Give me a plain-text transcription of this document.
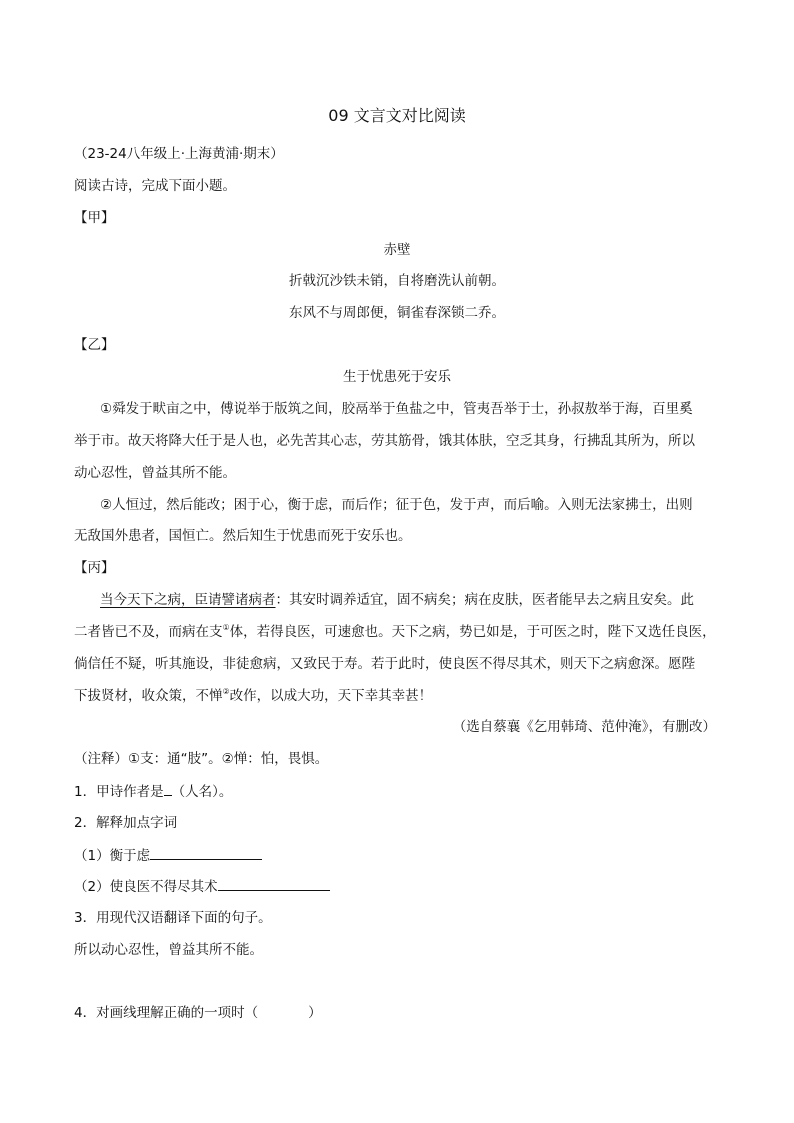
09 文言文对比阅读
（23-24八年级上·上海黄浦·期末）
阅读古诗，完成下面小题。
【甲】
赤壁
折戟沉沙铁未销，自将磨洗认前朝。
东风不与周郎便，铜雀春深锁二乔。
【乙】
生于忧患死于安乐
①舜发于畎亩之中，傅说举于版筑之间，胶鬲举于鱼盐之中，管夷吾举于士，孙叔敖举于海，百里奚
举于市。故天将降大任于是人也，必先苦其心志，劳其筋骨，饿其体肤，空乏其身，行拂乱其所为，所以
动心忍性，曾益其所不能。
②人恒过，然后能改；困于心，衡于虑，而后作；征于色，发于声，而后喻。入则无法家拂士，出则
无敌国外患者，国恒亡。然后知生于忧患而死于安乐也。
【丙】
当今天下之病，臣请譬诸病者：其安时调养适宜，固不病矣；病在皮肤，医者能早去之病且安矣。此
二者皆已不及，而病在支①体，若得良医，可速愈也。天下之病，势已如是，于可医之时，陛下又选任良医，
倘信任不疑，听其施设，非徒愈病，又致民于寿。若于此时，使良医不得尽其术，则天下之病愈深。愿陛
下拔贤材，收众策，不惮②改作，以成大功，天下幸其幸甚！
（选自蔡襄《乞用韩琦、范仲淹》，有删改）
（注释）①支：通“肢”。②惮：怕，畏惧。
1．甲诗作者是 （人名）。
2．解释加点字词
（1）衡于虑
（2）使良医不得尽其术
3．用现代汉语翻译下面的句子。
所以动心忍性，曾益其所不能。
4．对画线理解正确的一项时（	）
